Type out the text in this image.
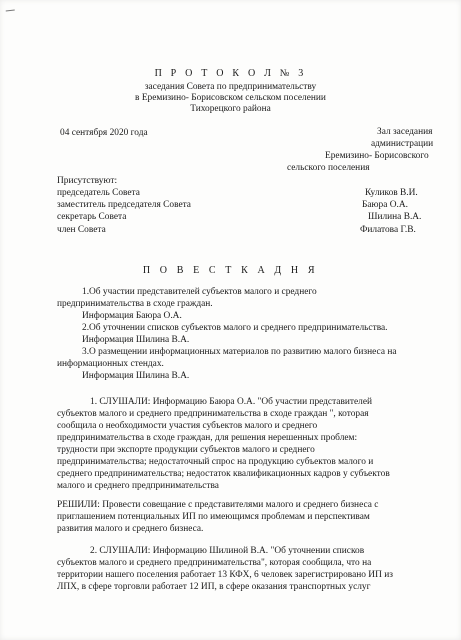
П Р О Т О К О Л № 3
заседания Совета по предпринимательству
в Еремизино- Борисовском сельском поселении
Тихорецкого района
04 сентября 2020 года	Зал заседания
администрации
Еремизино- Борисовского
сельского поселения
Присутствуют:
председатель Совета	Куликов В.И.
заместитель председателя Совета	Баюра О.А.
секретарь Совета	Шилина В.А.
член Совета	Филатова Г.В.
П О В Е С Т К А Д Н Я
1.Об участии представителей субъектов малого и среднего
предпринимательства в сходе граждан.
Информация Баюра О.А.
2.Об уточнении списков субъектов малого и среднего предпринимательства.
Информация Шилина В.А.
3.О размещении информационных материалов по развитию малого бизнеса на
информационных стендах.
Информация Шилина В.А.
1. СЛУШАЛИ: Информацию Баюра О.А. "Об участии представителей
субъектов малого и среднего предпринимательства в сходе граждан ", которая
сообщила о необходимости участия субъектов малого и среднего
предпринимательства в сходе граждан, для решения нерешенных проблем:
трудности при экспорте продукции субъектов малого и среднего
предпринимательства; недостаточный спрос на продукцию субъектов малого и
среднего предпринимательства; недостаток квалификационных кадров у субъектов
малого и среднего предпринимательства
РЕШИЛИ: Провести совещание с представителями малого и среднего бизнеса с
приглашением потенциальных ИП по имеющимся проблемам и перспективам
развития малого и среднего бизнеса.
2. СЛУШАЛИ: Информацию Шилиной В.А. "Об уточнении списков
субъектов малого и среднего предпринимательства", которая сообщила, что на
территории нашего поселения работает 13 КФХ, 6 человек зарегистрировано ИП из
ЛПХ, в сфере торговли работает 12 ИП, в сфере оказания транспортных услуг
